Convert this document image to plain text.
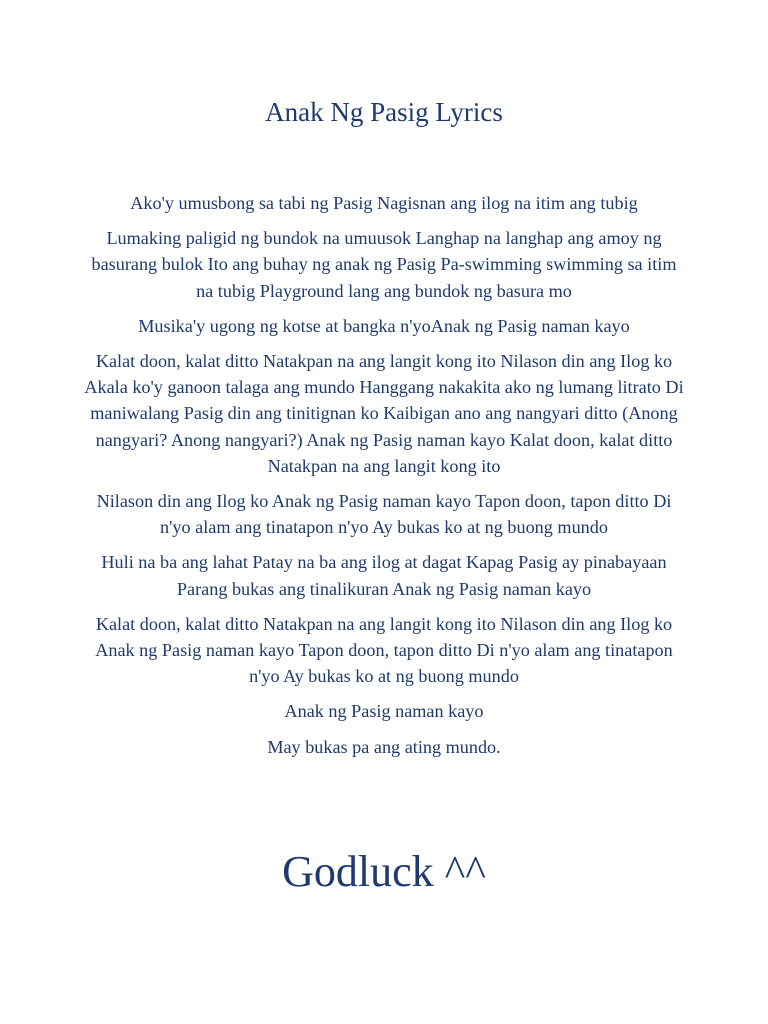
Anak Ng Pasig Lyrics

Ako'y umusbong sa tabi ng Pasig Nagisnan ang ilog na itim ang tubig

Lumaking paligid ng bundok na umuusok Langhap na langhap ang amoy ng basurang bulok Ito ang buhay ng anak ng Pasig Pa-swimming swimming sa itim na tubig Playground lang ang bundok ng basura mo

Musika'y ugong ng kotse at bangka n'yoAnak ng Pasig naman kayo

Kalat doon, kalat ditto Natakpan na ang langit kong ito Nilason din ang Ilog ko Akala ko'y ganoon talaga ang mundo Hanggang nakakita ako ng lumang litrato Di maniwalang Pasig din ang tinitignan ko Kaibigan ano ang nangyari ditto (Anong nangyari? Anong nangyari?) Anak ng Pasig naman kayo Kalat doon, kalat ditto Natakpan na ang langit kong ito

Nilason din ang Ilog ko Anak ng Pasig naman kayo Tapon doon, tapon ditto Di n'yo alam ang tinatapon n'yo Ay bukas ko at ng buong mundo

Huli na ba ang lahat Patay na ba ang ilog at dagat Kapag Pasig ay pinabayaan Parang bukas ang tinalikuran Anak ng Pasig naman kayo

Kalat doon, kalat ditto Natakpan na ang langit kong ito Nilason din ang Ilog ko Anak ng Pasig naman kayo Tapon doon, tapon ditto Di n'yo alam ang tinatapon n'yo Ay bukas ko at ng buong mundo

Anak ng Pasig naman kayo

May bukas pa ang ating mundo.

Godluck ^^
